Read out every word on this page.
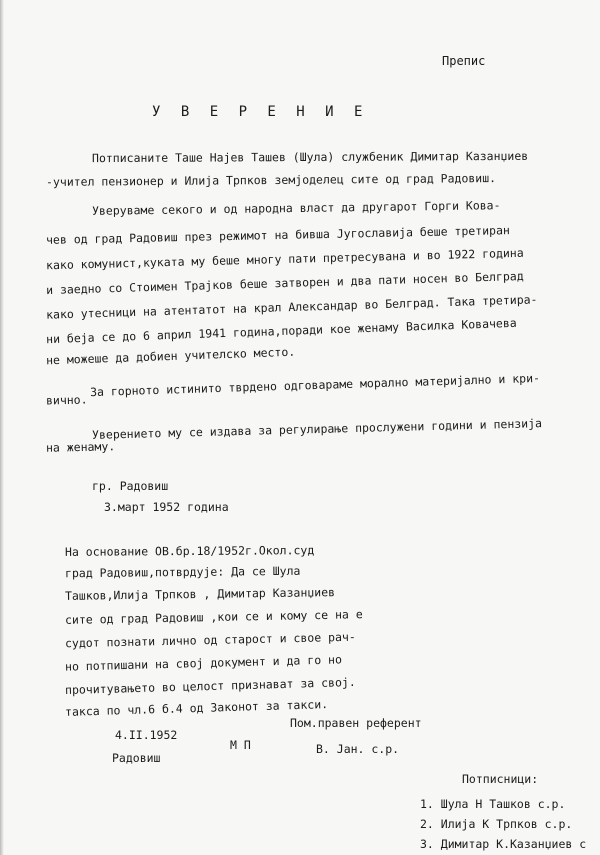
Препис
У В Е Р Е Н И Е
Потписаните Таше Најев Ташев (Шула) службеник Димитар Казанџиев
-учител пензионер и Илија Трпков земјоделец сите од град Радовиш.
Уверуваме секого и од народна власт да другарот Горги Кова-
чев од град Радовиш през режимот на бивша Југославија беше третиран
како комунист,куката му беше многу пати претресувана и во 1922 година
и заедно со Стоимен Трајков беше затворен и два пати носен во Белград
како утесници на атентатот на крал Александар во Белград. Така третира-
ни беја се до 6 април 1941 година,поради кое женаму Василка Ковачева
не можеше да добиен учителско место.
За горното истинито тврдено одговараме моралнo материјално и кри-
вично.
Уверението му се издава за регулирање прослужени години и пензија
на женаму.
гр. Радовиш
3.март 1952 година
На основание ОВ.бр.18/1952г.Окол.суд
град Радовиш,потврдује: Да се Шула
Ташков,Илија Трпков , Димитар Казанџиев
сите од град Радовиш ,кои се и кому се на е
судот познати лично од старост и свое рач-
но потпишани на свој документ и да го но
прочитувањето во целост признават за свој.
такса по чл.6 б.4 од Законот за такси.
4.II.1952
Радовиш
М П
Пом.правен референт
В. Јан. с.р.
Потписници:
1. Шула Н Ташков с.р.
2. Илија К Трпков с.р.
3. Димитар К.Казанџиев с
